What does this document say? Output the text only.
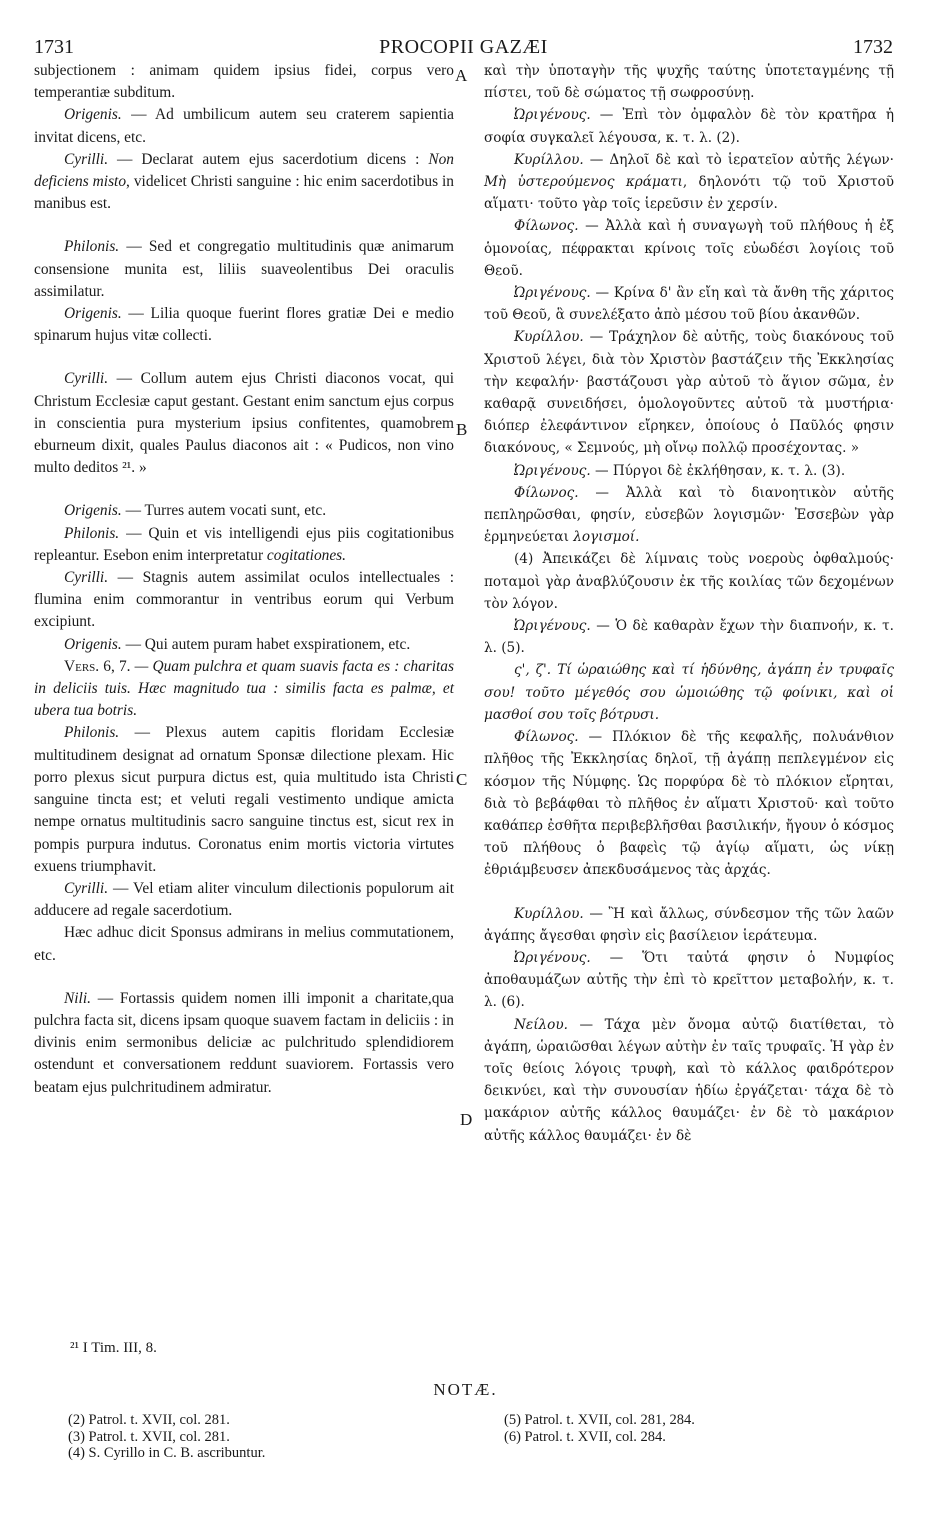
1731	PROCOPII GAZÆI	1732
A
B
C
D

subjectionem : animam quidem ipsius fidei, corpus vero temperantiæ subditum.

Origenis. — Ad umbilicum autem seu craterem sapientia invitat dicens, etc.

Cyrilli. — Declarat autem ejus sacerdotium dicens : Non deficiens misto, videlicet Christi sanguine : hic enim sacerdotibus in manibus est.

Philonis. — Sed et congregatio multitudinis quæ animarum consensione munita est, liliis suaveolentibus Dei oraculis assimilatur.

Origenis. — Lilia quoque fuerint flores gratiæ Dei e medio spinarum hujus vitæ collecti.

Cyrilli. — Collum autem ejus Christi diaconos vocat, qui Christum Ecclesiæ caput gestant. Gestant enim sanctum ejus corpus in conscientia pura mysterium ipsius confitentes, quamobrem eburneum dixit, quales Paulus diaconos ait : « Pudicos, non vino multo deditos ²¹. »

Origenis. — Turres autem vocati sunt, etc.

Philonis. — Quin et vis intelligendi ejus piis cogitationibus repleantur. Esebon enim interpretatur cogitationes.

Cyrilli. — Stagnis autem assimilat oculos intellectuales : flumina enim commorantur in ventribus eorum qui Verbum excipiunt.

Origenis. — Qui autem puram habet exspirationem, etc.

Vers. 6, 7. — Quam pulchra et quam suavis facta es : charitas in deliciis tuis. Hæc magnitudo tua : similis facta es palmæ, et ubera tua botris.

Philonis. — Plexus autem capitis floridam Ecclesiæ multitudinem designat ad ornatum Sponsæ dilectione plexam. Hic porro plexus sicut purpura dictus est, quia multitudo ista Christi sanguine tincta est; et veluti regali vestimento undique amicta nempe ornatus multitudinis sacro sanguine tinctus est, sicut rex in pompis purpura indutus. Coronatus enim mortis victoria virtutes exuens triumphavit.

Cyrilli. — Vel etiam aliter vinculum dilectionis populorum ait adducere ad regale sacerdotium.

Hæc adhuc dicit Sponsus admirans in melius commutationem, etc.

Nili. — Fortassis quidem nomen illi imponit a charitate,qua pulchra facta sit, dicens ipsam quoque suavem factam in deliciis : in divinis enim sermonibus deliciæ ac pulchritudo splendidiorem ostendunt et conversationem reddunt suaviorem. Fortassis vero beatam ejus pulchritudinem admiratur.

καὶ τὴν ὑποταγὴν τῆς ψυχῆς ταύτης ὑποτεταγμένης τῇ πίστει, τοῦ δὲ σώματος τῇ σωφροσύνῃ.

Ὠριγένους. — Ἐπὶ τὸν ὀμφαλὸν δὲ τὸν κρατῆρα ἡ σοφία συγκαλεῖ λέγουσα, κ. τ. λ. (2).

Κυρίλλου. — Δηλοῖ δὲ καὶ τὸ ἱερατεῖον αὐτῆς λέγων· Μὴ ὑστερούμενος κράματι, δηλονότι τῷ τοῦ Χριστοῦ αἵματι· τοῦτο γὰρ τοῖς ἱερεῦσιν ἐν χερσίν.

Φίλωνος. — Ἀλλὰ καὶ ἡ συναγωγὴ τοῦ πλήθους ἡ ἐξ ὁμονοίας, πέφρακται κρίνοις τοῖς εὐωδέσι λογίοις τοῦ Θεοῦ.

Ὠριγένους. — Κρίνα δ' ἂν εἴη καὶ τὰ ἄνθη τῆς χάριτος τοῦ Θεοῦ, ἃ συνελέξατο ἀπὸ μέσου τοῦ βίου ἀκανθῶν.

Κυρίλλου. — Τράχηλον δὲ αὐτῆς, τοὺς διακόνους τοῦ Χριστοῦ λέγει, διὰ τὸν Χριστὸν βαστάζειν τῆς Ἐκκλησίας τὴν κεφαλήν· βαστάζουσι γὰρ αὐτοῦ τὸ ἅγιον σῶμα, ἐν καθαρᾷ συνειδήσει, ὁμολογοῦντες αὐτοῦ τὰ μυστήρια· διόπερ ἐλεφάντινον εἴρηκεν, ὁποίους ὁ Παῦλός φησιν διακόνους, « Σεμνούς, μὴ οἴνῳ πολλῷ προσέχοντας. »

Ὠριγένους. — Πύργοι δὲ ἐκλήθησαν, κ. τ. λ. (3).

Φίλωνος. — Ἀλλὰ καὶ τὸ διανοητικὸν αὐτῆς πεπληρῶσθαι, φησίν, εὐσεβῶν λογισμῶν· Ἐσσεβὼν γὰρ ἑρμηνεύεται λογισμοί.

(4) Ἀπεικάζει δὲ λίμναις τοὺς νοεροὺς ὀφθαλμούς· ποταμοὶ γὰρ ἀναβλύζουσιν ἐκ τῆς κοιλίας τῶν δεχομένων τὸν λόγον.

Ὠριγένους. — Ὁ δὲ καθαρὰν ἔχων τὴν διαπνοήν, κ. τ. λ. (5).

ς', ζ'. Τί ὡραιώθης καὶ τί ἡδύνθης, ἀγάπη ἐν τρυφαῖς σου! τοῦτο μέγεθός σου ὡμοιώθης τῷ φοίνικι, καὶ οἱ μασθοί σου τοῖς βότρυσι.

Φίλωνος. — Πλόκιον δὲ τῆς κεφαλῆς, πολυάνθιον πλῆθος τῆς Ἐκκλησίας δηλοῖ, τῇ ἀγάπῃ πεπλεγμένον εἰς κόσμον τῆς Νύμφης. Ὡς πορφύρα δὲ τὸ πλόκιον εἴρηται, διὰ τὸ βεβάφθαι τὸ πλῆθος ἐν αἵματι Χριστοῦ· καὶ τοῦτο καθάπερ ἐσθῆτα περιβεβλῆσθαι βασιλικήν, ἤγουν ὁ κόσμος τοῦ πλήθους ὁ βαφεὶς τῷ ἁγίῳ αἵματι, ὡς νίκῃ ἐθριάμβευσεν ἀπεκδυσάμενος τὰς ἀρχάς.

Κυρίλλου. — Ἢ καὶ ἄλλως, σύνδεσμον τῆς τῶν λαῶν ἀγάπης ἄγεσθαι φησὶν εἰς βασίλειον ἱεράτευμα.

Ὠριγένους. — Ὅτι ταὐτά φησιν ὁ Νυμφίος ἀποθαυμάζων αὐτῆς τὴν ἐπὶ τὸ κρεῖττον μεταβολήν, κ. τ. λ. (6).

Νείλου. — Τάχα μὲν ὄνομα αὐτῷ διατίθεται, τὸ ἀγάπη, ὡραιῶσθαι λέγων αὐτὴν ἐν ταῖς τρυφαῖς. Ἡ γὰρ ἐν τοῖς θείοις λόγοις τρυφὴ, καὶ τὸ κάλλος φαιδρότερον δεικνύει, καὶ τὴν συνουσίαν ἡδίω ἐργάζεται· τάχα δὲ τὸ μακάριον αὐτῆς κάλλος θαυμάζει· ἐν δὲ τὸ μακάριον αὐτῆς κάλλος θαυμάζει· ἐν δὲ

²¹ I Tim. III, 8.
NOTÆ.
(2) Patrol. t. XVII, col. 281.
(3) Patrol. t. XVII, col. 281.
(4) S. Cyrillo in C. B. ascribuntur.
(5) Patrol. t. XVII, col. 281, 284.
(6) Patrol. t. XVII, col. 284.
